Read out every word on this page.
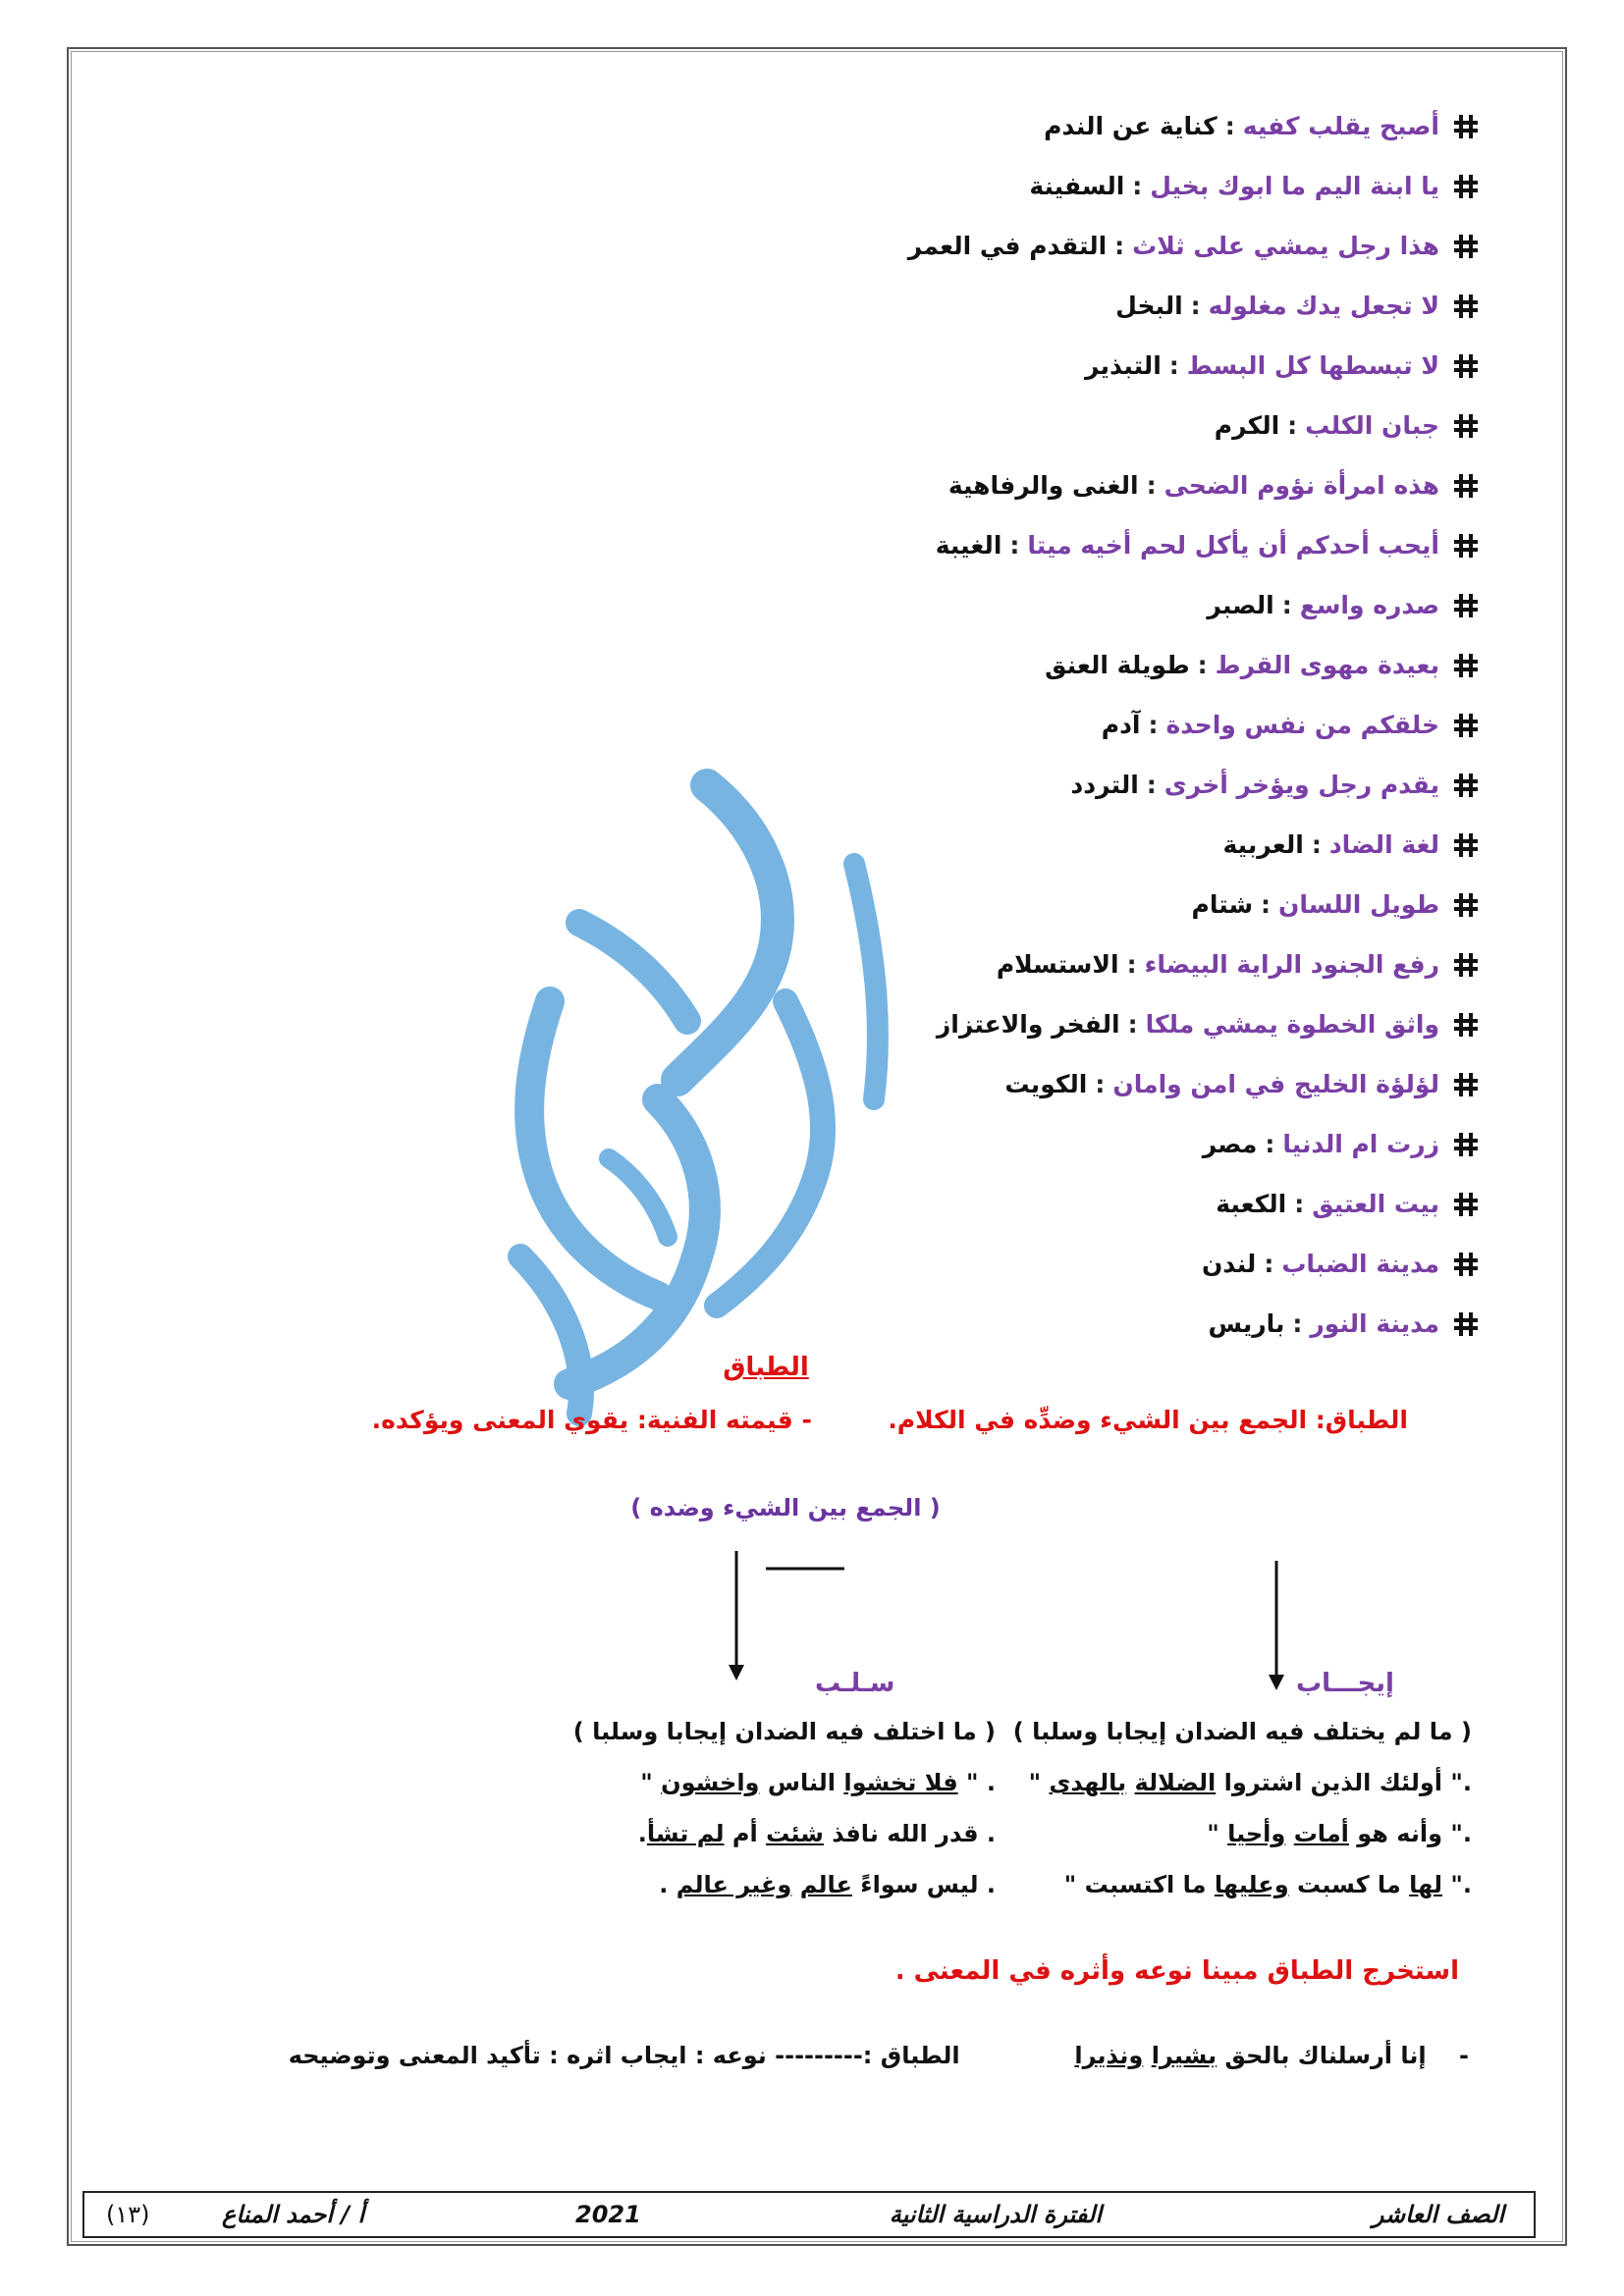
أصبح يقلب كفيه
:
كناية عن الندم
يا ابنة اليم ما ابوك بخيل
:
السفينة
هذا رجل يمشي على ثلاث
:
التقدم في العمر
لا تجعل يدك مغلوله
:
البخل
لا تبسطها كل البسط
:
التبذير
جبان الكلب
:
الكرم
هذه امرأة نؤوم الضحى
:
الغنى والرفاهية
أيحب أحدكم أن يأكل لحم أخيه ميتا
:
الغيبة
صدره واسع
:
الصبر
بعيدة مهوى القرط
:
طويلة العنق
خلقكم من نفس واحدة
:
آدم
يقدم رجل ويؤخر أخرى
:
التردد
لغة الضاد
:
العربية
طويل اللسان
:
شتام
رفع الجنود الراية البيضاء
:
الاستسلام
واثق الخطوة يمشي ملكا
:
الفخر والاعتزاز
لؤلؤة الخليج في امن وامان
:
الكويت
زرت ام الدنيا
:
مصر
بيت العتيق
:
الكعبة
مدينة الضباب
:
لندن
مدينة النور
:
باريس
الطباق
الطباق: الجمع بين الشيء وضدِّه في الكلام.  - قيمته الفنية: يقوي المعنى ويؤكده.
( الجمع بين الشيء وضده )
سـلـب	إيجـــاب
( ما لم يختلف فيه الضدان إيجابا وسلبا )
." أولئك الذين اشتروا الضلالة بالهدى "
." وأنه هو أمات وأحيا "
." لها ما كسبت وعليها ما اكتسبت "
( ما اختلف فيه الضدان إيجابا وسلبا )
. " فلا تخشوا الناس واخشون "
. قدر الله نافذ شئت أم لم تشأ.
. ليس سواءً عالم وغير عالم .
استخرج الطباق مبينا نوعه وأثره في المعنى .
-    إنا أرسلناك بالحق بشيرا ونذيرا  الطباق :--------- نوعه : ايجاب اثره : تأكيد المعنى وتوضيحه
الصف العاشر
الفترة الدراسية الثانية
2021
أ / أحمد المناع
(١٣)
